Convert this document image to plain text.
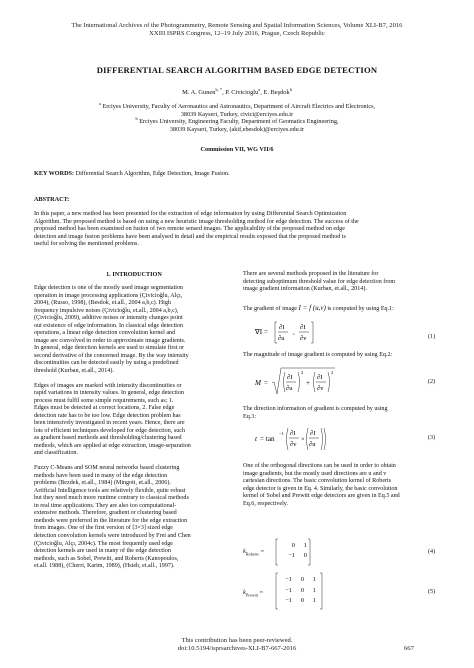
The International Archives of the Photogrammetry, Remote Sensing and Spatial Information Sciences, Volume XLI-B7, 2016
XXIII ISPRS Congress, 12–19 July 2016, Prague, Czech Republic
DIFFERENTIAL SEARCH ALGORITHM BASED EDGE DETECTION
M. A. Gunen$^{b, *}$, P. Civicioglu$^a$, E. Beşdok$^b$
$^a$ Erciyes University, Faculty of Aeronautics and Astronautics, Department of Aircraft Electrics and Electronics,
38039 Kayseri, Turkey, civici@erciyes.edu.tr
$^b$ Erciyes University, Engineering Faculty, Department of Geomatics Engineering,
38039 Kayseri, Turkey, (akif,ebesdok)@erciyes.edu.tr
Commission VII, WG VII/6
KEY WORDS: Differential Search Algorithm, Edge Detection, Image Fusion.
ABSTRACT:
In this paper, a new method has been presented for the extraction of edge information by using Differential Search Optimization
Algorithm. The proposed method is based on using a new heuristic image thresholding method for edge detection. The success of the
proposed method has been examined on fusion of two remote sensed images. The applicability of the proposed method on edge
detection and image fusion problems have been analysed in detail and the empirical results exposed that the proposed method is
useful for solving the mentioned problems.
1. INTRODUCTION
Edge detection is one of the mostly used image segmentation
operation in image processing applications (Çivicioğlu, Alçı,
2004), (Russo, 1998), (Besdok, et.all., 2004 a,b,c). High
frequency impulsive noises (Çivicioğlu, et.all., 2004 a,b,c),
(Çivicioğlu, 2009), additive noises or intensity changes point
out existence of edge information. In classical edge detection
operations, a linear edge detection convolution kernel and
image are convolved in order to approximate image gradients.
In general, edge detection kernels are used to simulate first or
second derivative of the concerned image. By the way intensity
discontinuities can be detected easily by using a predefined
threshold (Kurban, et.all., 2014).
Edges of images are marked with intensity discontinuities or
rapid variations in intensity values. In general, edge detection
process must fulfil some simple requirements, such as; 1.
Edges must be detected at correct locations, 2. False edge
detection rate has to be too low. Edge detection problem has
been intensively investigated in recent years. Hence, there are
lots of efficient techniques developed for edge detection, such
as gradient based methods and thresholding/clustering based
methods, which are applied at edge extraction, image-separation
and classification.
Fuzzy C-Means and SOM neural networks based clustering
methods have been used in many of the edge detection
problems (Bezdek, et.all., 1984) (Mingoti, et.all., 2006).
Artificial Intelligence tools are relatively flexible, quite robust
but they need much more runtime contrary to classical methods
in real time applications. They are also too computational-
extensive methods. Therefore, gradient or clustering based
methods were preferred in the literature for the edge extraction
from images. One of the first version of [3×3] sized edge
detection convolution kernels were introduced by Frei and Chen
(Çivicioğlu, Alçı, 2004c). The most frequently used edge
detection kernels are used in many of the edge detection
methods, such as Sobel, Prewitt, and Roberts (Kanopoulos,
et.all. 1988), (Cherri, Karim, 1989), (Hsieh, et.all., 1997).
There are several methods proposed in the literature for
detecting suboptimum threshold value for edge detection from
image gradient information (Kurban, et.all., 2014).
The gradient of image I = f (u,v) is computed by using Eq.1:
∇I =
∂I
∂u
,
∂I
∂v	(1)
The magnitude of image gradient is computed by using Eq.2:
M =
∂I
∂u
2
+
∂I
∂v
2
(2)
The direction information of gradient is computed by using
Eq.3:
t = tan
−1 ∂I
∂v
×
∂I
∂u
(3)
One of the orthogonal directions can be used in order to obtain
image gradients, but the mostly used directions are u and v
cartesian directions. The basic convolution kernel of Roberts
edge detector is given in Eq. 4. Similarly, the basic convolution
kernel of Sobel and Prewitt edge detectors are given in Eq.5 and
Eq.6, respectively.
$k_{Roberts}$ =
0	1
−1	0	(4)
$k_{Prewitt}$ =
−1	0	1
−1	0	1
−1	0	1
(5)
This contribution has been peer-reviewed.
doi:10.5194/isprsarchives-XLI-B7-667-2016	667
